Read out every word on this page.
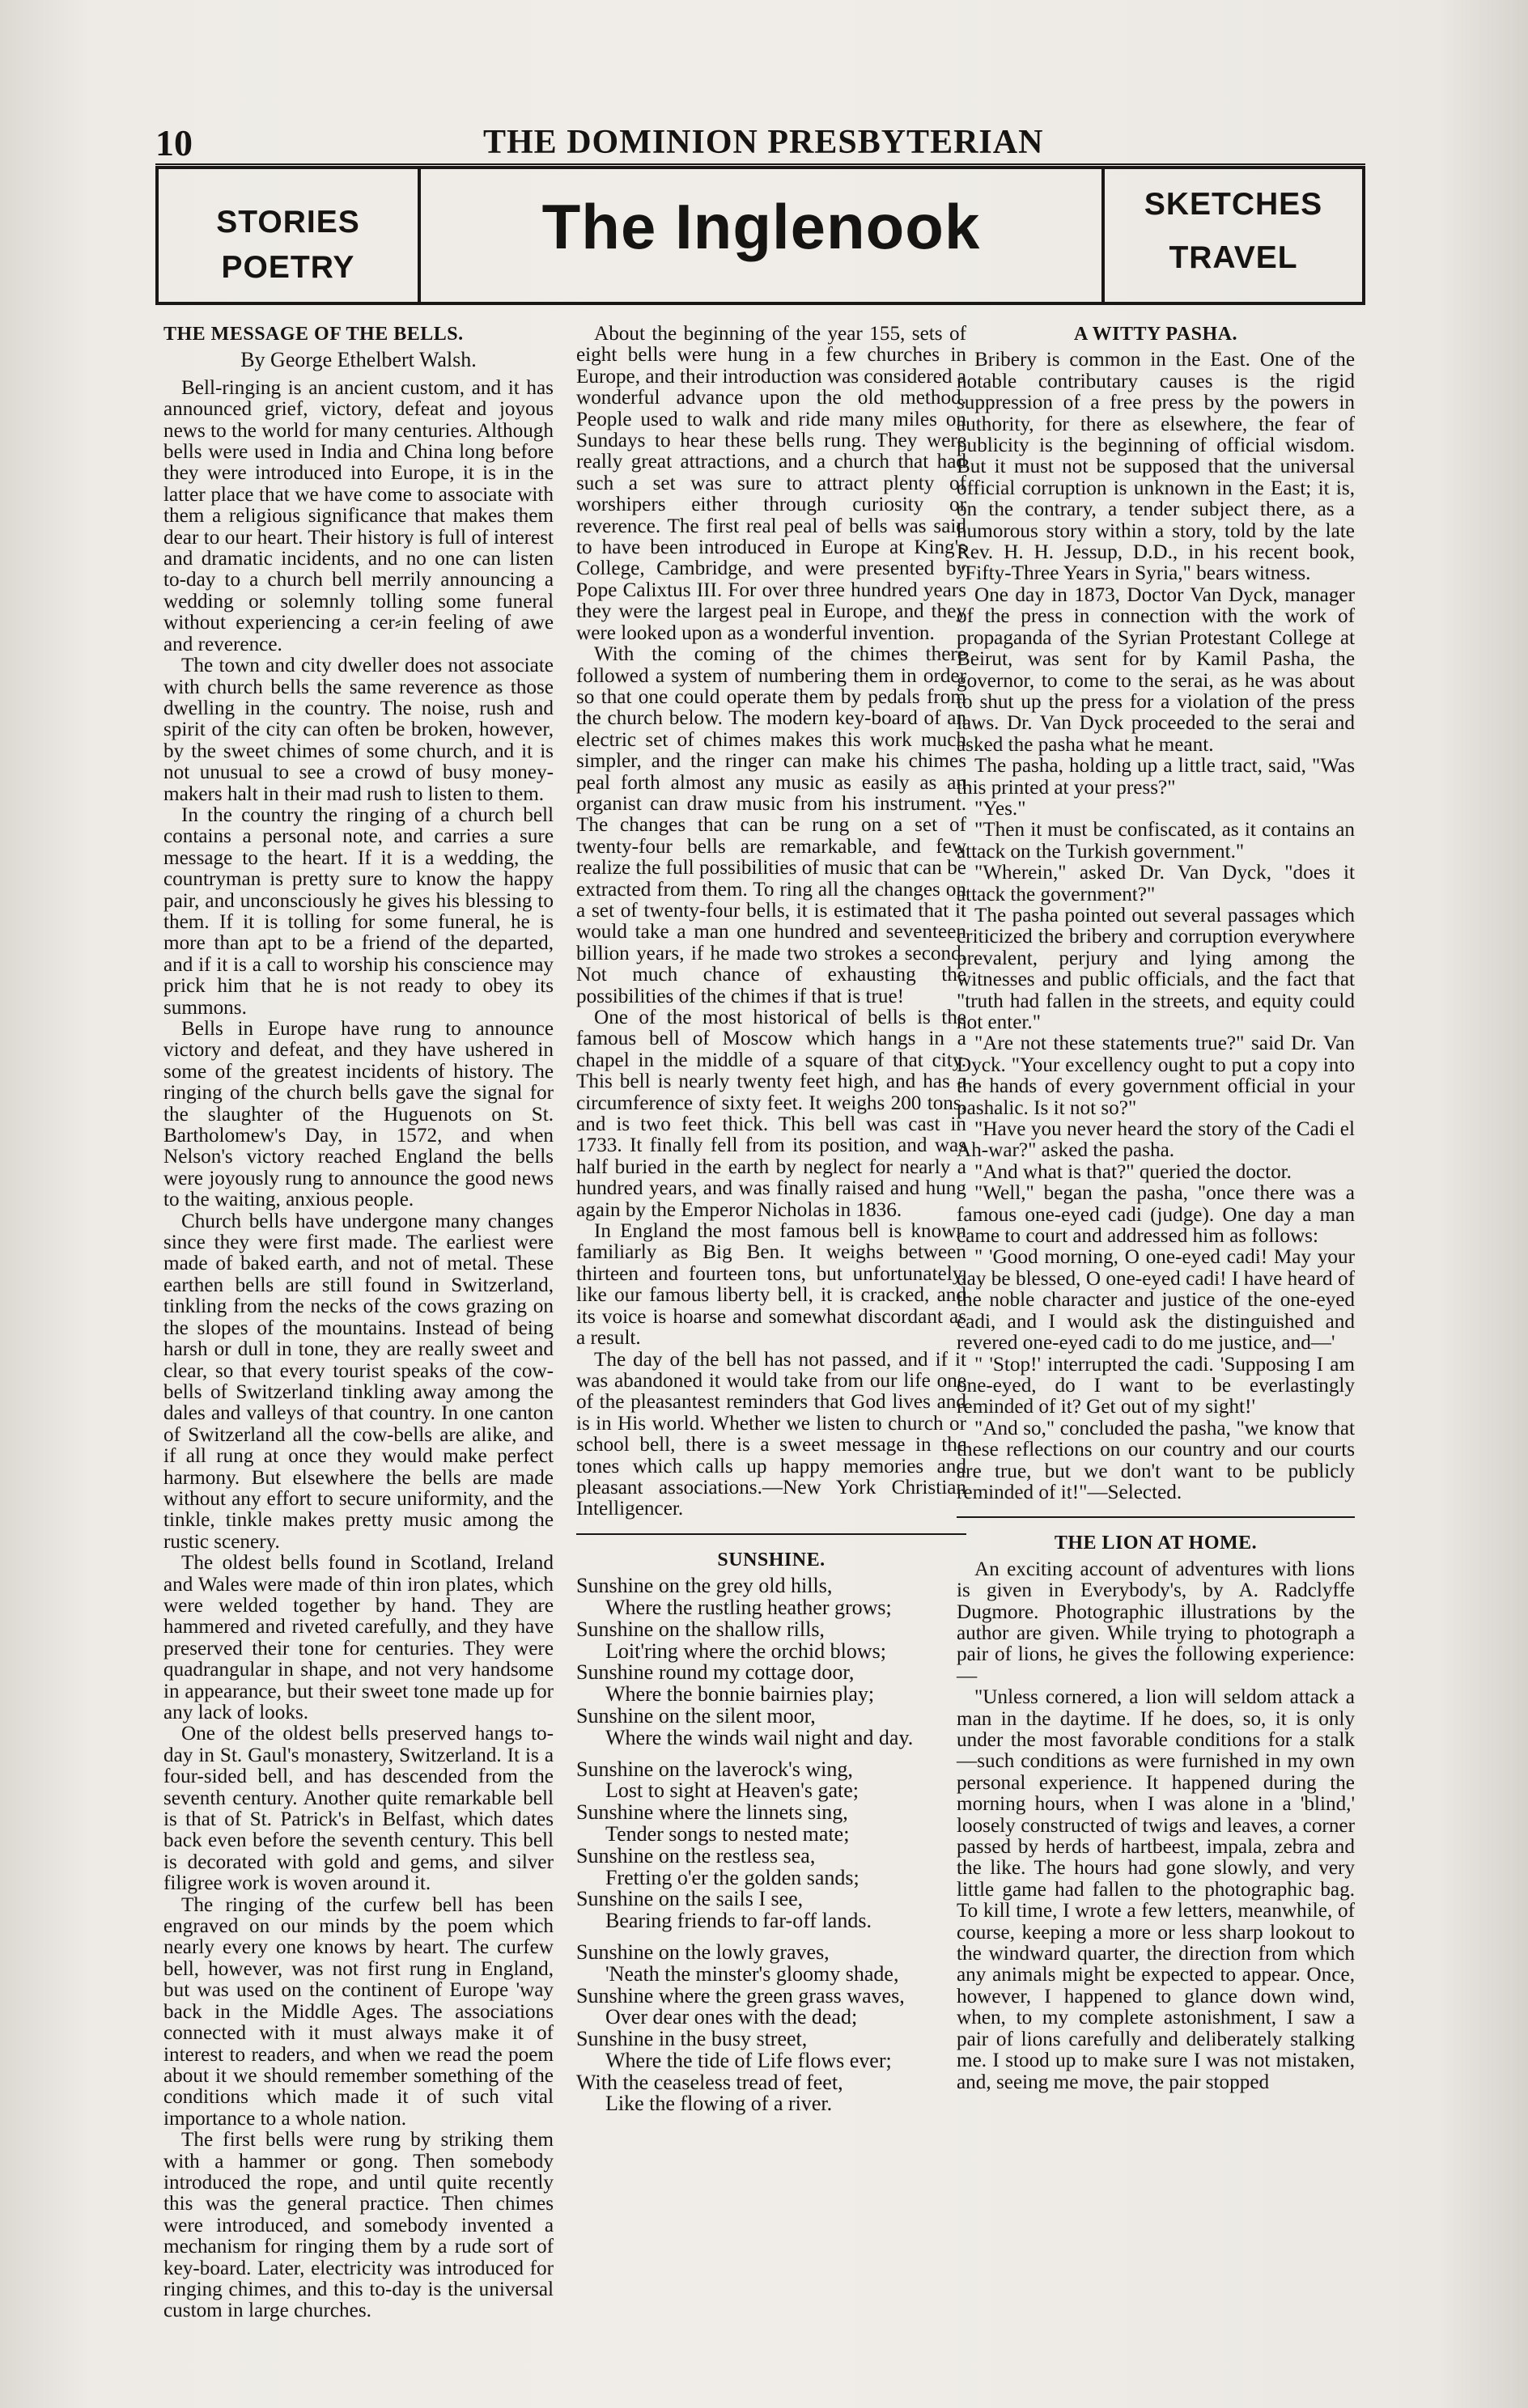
10	THE DOMINION PRESBYTERIAN
STORIES
POETRY
The Inglenook	SKETCHES
TRAVEL
THE MESSAGE OF THE BELLS.

By George Ethelbert Walsh.

Bell-ringing is an ancient custom, and it has announced grief, victory, defeat and joyous news to the world for many centuries. Although bells were used in India and China long before they were introduced into Europe, it is in the latter place that we have come to associate with them a religious significance that makes them dear to our heart. Their history is full of interest and dramatic incidents, and no one can listen to-day to a church bell merrily announcing a wedding or solemnly tolling some funeral without experiencing a cer⸗in feeling of awe and reverence.

The town and city dweller does not associate with church bells the same reverence as those dwelling in the country. The noise, rush and spirit of the city can often be broken, however, by the sweet chimes of some church, and it is not unusual to see a crowd of busy money-makers halt in their mad rush to listen to them.

In the country the ringing of a church bell contains a personal note, and carries a sure message to the heart. If it is a wedding, the countryman is pretty sure to know the happy pair, and unconsciously he gives his blessing to them. If it is tolling for some funeral, he is more than apt to be a friend of the departed, and if it is a call to worship his conscience may prick him that he is not ready to obey its summons.

Bells in Europe have rung to announce victory and defeat, and they have ushered in some of the greatest incidents of history. The ringing of the church bells gave the signal for the slaughter of the Huguenots on St. Bartholomew's Day, in 1572, and when Nelson's victory reached England the bells were joyously rung to announce the good news to the waiting, anxious people.

Church bells have undergone many changes since they were first made. The earliest were made of baked earth, and not of metal. These earthen bells are still found in Switzerland, tinkling from the necks of the cows grazing on the slopes of the mountains. Instead of being harsh or dull in tone, they are really sweet and clear, so that every tourist speaks of the cow-bells of Switzerland tinkling away among the dales and valleys of that country. In one canton of Switzerland all the cow-bells are alike, and if all rung at once they would make perfect harmony. But elsewhere the bells are made without any effort to secure uniformity, and the tinkle, tinkle makes pretty music among the rustic scenery.

The oldest bells found in Scotland, Ireland and Wales were made of thin iron plates, which were welded together by hand. They are hammered and riveted carefully, and they have preserved their tone for centuries. They were quadrangular in shape, and not very handsome in appearance, but their sweet tone made up for any lack of looks.

One of the oldest bells preserved hangs to-day in St. Gaul's monastery, Switzerland. It is a four-sided bell, and has descended from the seventh century. Another quite remarkable bell is that of St. Patrick's in Belfast, which dates back even before the seventh century. This bell is decorated with gold and gems, and silver filigree work is woven around it.

The ringing of the curfew bell has been engraved on our minds by the poem which nearly every one knows by heart. The curfew bell, however, was not first rung in England, but was used on the continent of Europe 'way back in the Middle Ages. The associations connected with it must always make it of interest to readers, and when we read the poem about it we should remember something of the conditions which made it of such vital importance to a whole nation.

The first bells were rung by striking them with a hammer or gong. Then somebody introduced the rope, and until quite recently this was the general practice. Then chimes were introduced, and somebody invented a mechanism for ringing them by a rude sort of key-board. Later, electricity was introduced for ringing chimes, and this to-day is the universal custom in large churches.

A WITTY PASHA.

Bribery is common in the East. One of the notable contributary causes is the rigid suppression of a free press by the powers in authority, for there as elsewhere, the fear of publicity is the beginning of official wisdom. But it must not be supposed that the universal official corruption is unknown in the East; it is, on the contrary, a tender subject there, as a humorous story within a story, told by the late Rev. H. H. Jessup, D.D., in his recent book, "Fifty-Three Years in Syria," bears witness.

One day in 1873, Doctor Van Dyck, manager of the press in connection with the work of propaganda of the Syrian Protestant College at Beirut, was sent for by Kamil Pasha, the governor, to come to the serai, as he was about to shut up the press for a violation of the press laws. Dr. Van Dyck proceeded to the serai and asked the pasha what he meant.

The pasha, holding up a little tract, said, "Was this printed at your press?"

"Yes."

"Then it must be confiscated, as it contains an attack on the Turkish government."

"Wherein," asked Dr. Van Dyck, "does it attack the government?"

The pasha pointed out several passages which criticized the bribery and corruption everywhere prevalent, perjury and lying among the witnesses and public officials, and the fact that "truth had fallen in the streets, and equity could not enter."

"Are not these statements true?" said Dr. Van Dyck. "Your excellency ought to put a copy into the hands of every government official in your pashalic. Is it not so?"

"Have you never heard the story of the Cadi el Ah-war?" asked the pasha.

"And what is that?" queried the doctor.

"Well," began the pasha, "once there was a famous one-eyed cadi (judge). One day a man came to court and addressed him as follows:

" 'Good morning, O one-eyed cadi! May your day be blessed, O one-eyed cadi! I have heard of the noble character and justice of the one-eyed cadi, and I would ask the distinguished and revered one-eyed cadi to do me justice, and—'

" 'Stop!' interrupted the cadi. 'Supposing I am one-eyed, do I want to be everlastingly reminded of it? Get out of my sight!'

"And so," concluded the pasha, "we know that these reflections on our country and our courts are true, but we don't want to be publicly reminded of it!"—Selected.

THE LION AT HOME.

An exciting account of adventures with lions is given in Everybody's, by A. Radclyffe Dugmore. Photographic illustrations by the author are given. While trying to photograph a pair of lions, he gives the following experience:—

"Unless cornered, a lion will seldom attack a man in the daytime. If he does, so, it is only under the most favorable conditions for a stalk—such conditions as were furnished in my own personal experience. It happened during the morning hours, when I was alone in a 'blind,' loosely constructed of twigs and leaves, a corner passed by herds of hartbeest, impala, zebra and the like. The hours had gone slowly, and very little game had fallen to the photographic bag. To kill time, I wrote a few letters, meanwhile, of course, keeping a more or less sharp lookout to the windward quarter, the direction from which any animals might be expected to appear. Once, however, I happened to glance down wind, when, to my complete astonishment, I saw a pair of lions carefully and deliberately stalking me. I stood up to make sure I was not mistaken, and, seeing me move, the pair stopped

About the beginning of the year 155, sets of eight bells were hung in a few churches in Europe, and their introduction was considered a wonderful advance upon the old method. People used to walk and ride many miles on Sundays to hear these bells rung. They were really great attractions, and a church that had such a set was sure to attract plenty of worshipers either through curiosity or reverence. The first real peal of bells was said to have been introduced in Europe at King's College, Cambridge, and were presented by Pope Calixtus III. For over three hundred years they were the largest peal in Europe, and they were looked upon as a wonderful invention.

With the coming of the chimes there followed a system of numbering them in order so that one could operate them by pedals from the church below. The modern key-board of an electric set of chimes makes this work much simpler, and the ringer can make his chimes peal forth almost any music as easily as an organist can draw music from his instrument. The changes that can be rung on a set of twenty-four bells are remarkable, and few realize the full possibilities of music that can be extracted from them. To ring all the changes on a set of twenty-four bells, it is estimated that it would take a man one hundred and seventeen billion years, if he made two strokes a second. Not much chance of exhausting the possibilities of the chimes if that is true!

One of the most historical of bells is the famous bell of Moscow which hangs in a chapel in the middle of a square of that city. This bell is nearly twenty feet high, and has a circumference of sixty feet. It weighs 200 tons, and is two feet thick. This bell was cast in 1733. It finally fell from its position, and was half buried in the earth by neglect for nearly a hundred years, and was finally raised and hung again by the Emperor Nicholas in 1836.

In England the most famous bell is known familiarly as Big Ben. It weighs between thirteen and fourteen tons, but unfortunately, like our famous liberty bell, it is cracked, and its voice is hoarse and somewhat discordant as a result.

The day of the bell has not passed, and if it was abandoned it would take from our life one of the pleasantest reminders that God lives and is in His world. Whether we listen to church or school bell, there is a sweet message in the tones which calls up happy memories and pleasant associations.—New York Christian Intelligencer.

SUNSHINE.

Sunshine on the grey old hills,

Where the rustling heather grows;

Sunshine on the shallow rills,

Loit'ring where the orchid blows;

Sunshine round my cottage door,

Where the bonnie bairnies play;

Sunshine on the silent moor,

Where the winds wail night and day.

Sunshine on the laverock's wing,

Lost to sight at Heaven's gate;

Sunshine where the linnets sing,

Tender songs to nested mate;

Sunshine on the restless sea,

Fretting o'er the golden sands;

Sunshine on the sails I see,

Bearing friends to far-off lands.

Sunshine on the lowly graves,

'Neath the minster's gloomy shade,

Sunshine where the green grass waves,

Over dear ones with the dead;

Sunshine in the busy street,

Where the tide of Life flows ever;

With the ceaseless tread of feet,

Like the flowing of a river.
